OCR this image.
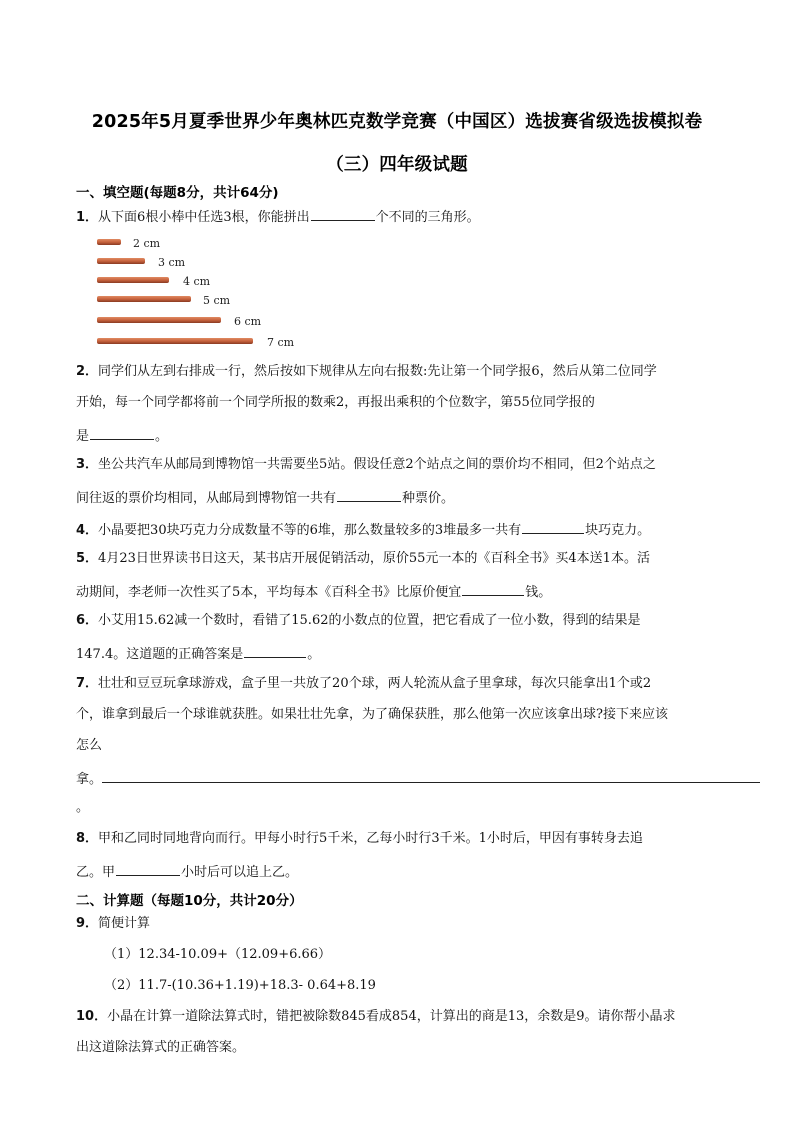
2025年5月夏季世界少年奥林匹克数学竞赛（中国区）选拔赛省级选拔模拟卷
（三）四年级试题
一、填空题(每题8分，共计64分)
1．从下面6根小棒中任选3根，你能拼出	个不同的三角形。
2 cm
3 cm
4 cm
5 cm
6 cm
7 cm
2．同学们从左到右排成一行，然后按如下规律从左向右报数:先让第一个同学报6，然后从第二位同学
开始，每一个同学都将前一个同学所报的数乘2，再报出乘积的个位数字，第55位同学报的
是	。
3．坐公共汽车从邮局到博物馆一共需要坐5站。假设任意2个站点之间的票价均不相同，但2个站点之
间往返的票价均相同，从邮局到博物馆一共有	种票价。
4．小晶要把30块巧克力分成数量不等的6堆，那么数量较多的3堆最多一共有	块巧克力。
5．4月23日世界读书日这天，某书店开展促销活动，原价55元一本的《百科全书》买4本送1本。活
动期间，李老师一次性买了5本，平均每本《百科全书》比原价便宜	钱。
6．小艾用15.62减一个数时，看错了15.62的小数点的位置，把它看成了一位小数，得到的结果是
147.4。这道题的正确答案是	。
7．壮壮和豆豆玩拿球游戏，盒子里一共放了20个球，两人轮流从盒子里拿球，每次只能拿出1个或2
个，谁拿到最后一个球谁就获胜。如果壮壮先拿，为了确保获胜，那么他第一次应该拿出球?接下来应该
怎么
拿。
。
8．甲和乙同时同地背向而行。甲每小时行5千米，乙每小时行3千米。1小时后，甲因有事转身去追
乙。甲	小时后可以追上乙。
二、计算题（每题10分，共计20分）
9．简便计算
（1）12.34-10.09+（12.09+6.66）
（2）11.7-(10.36+1.19)+18.3- 0.64+8.19
10．小晶在计算一道除法算式时，错把被除数845看成854，计算出的商是13，余数是9。请你帮小晶求
出这道除法算式的正确答案。
